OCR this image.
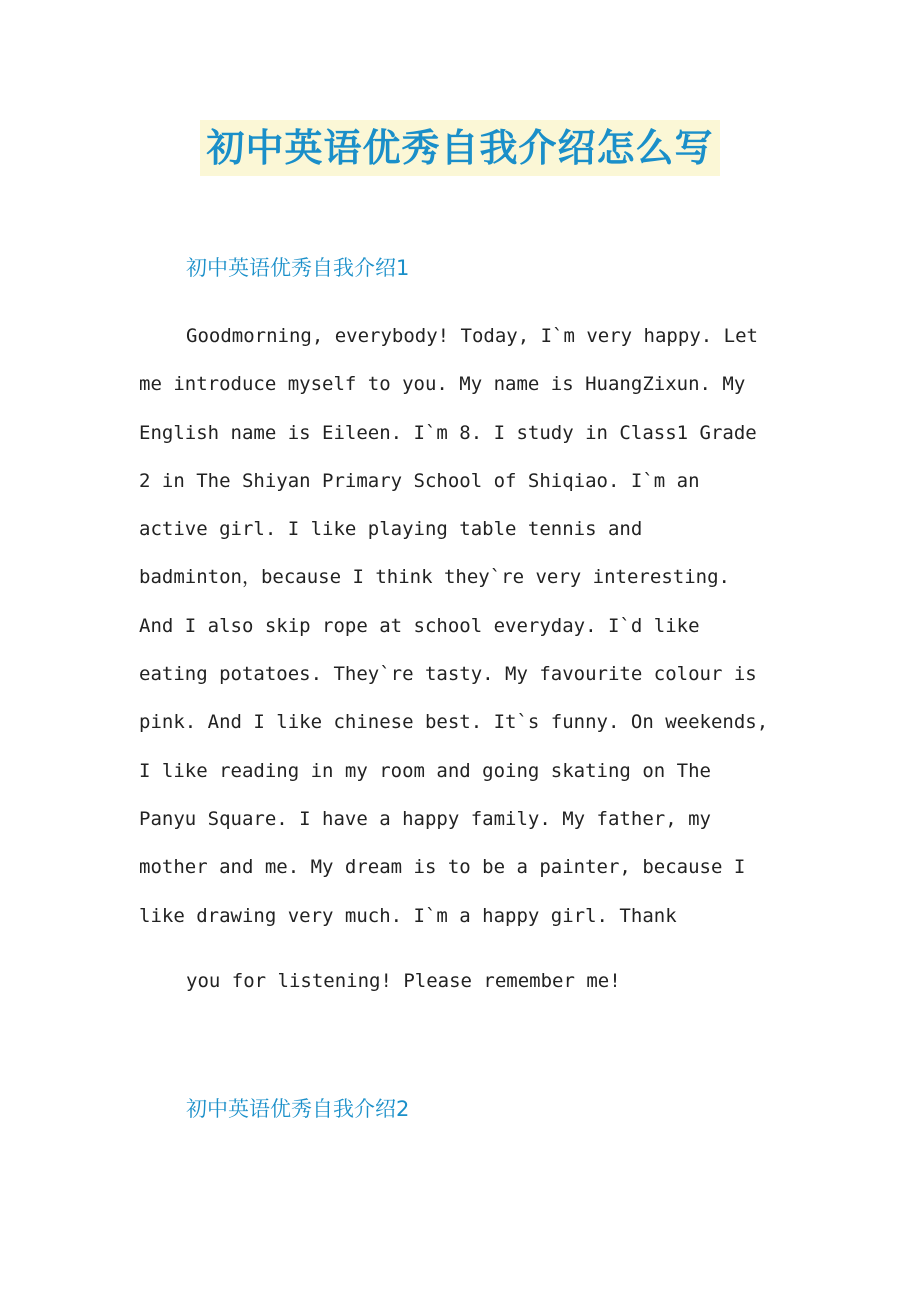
初中英语优秀自我介绍怎么写
初中英语优秀自我介绍1
Goodmorning, everybody! Today, I`m very happy. Let
me introduce myself to you. My name is HuangZixun. My
English name is Eileen. I`m 8. I study in Class1 Grade
2 in The Shiyan Primary School of Shiqiao. I`m an
active girl. I like playing table tennis and
badminton，because I think they`re very interesting.
And I also skip rope at school everyday. I`d like
eating potatoes. They`re tasty. My favourite colour is
pink. And I like chinese best. It`s funny. On weekends,
I like reading in my room and going skating on The
Panyu Square. I have a happy family. My father, my
mother and me. My dream is to be a painter, because I
like drawing very much. I`m a happy girl. Thank

you for listening! Please remember me!

初中英语优秀自我介绍2
